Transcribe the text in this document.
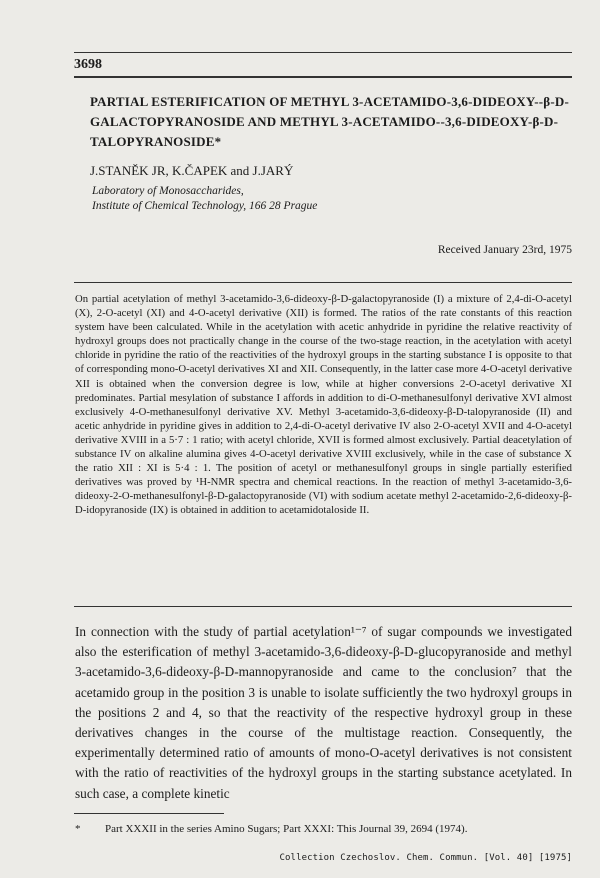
3698
PARTIAL ESTERIFICATION OF METHYL 3-ACETAMIDO-3,6-DIDEOXY--β-D-GALACTOPYRANOSIDE AND METHYL 3-ACETAMIDO--3,6-DIDEOXY-β-D-TALOPYRANOSIDE*
J.STANĚK JR, K.ČAPEK and J.JARÝ
Laboratory of Monosaccharides,
Institute of Chemical Technology, 166 28 Prague
Received January 23rd, 1975
On partial acetylation of methyl 3-acetamido-3,6-dideoxy-β-D-galactopyranoside (I) a mixture of 2,4-di-O-acetyl (X), 2-O-acetyl (XI) and 4-O-acetyl derivative (XII) is formed. The ratios of the rate constants of this reaction system have been calculated. While in the acetylation with acetic anhydride in pyridine the relative reactivity of hydroxyl groups does not practically change in the course of the two-stage reaction, in the acetylation with acetyl chloride in pyridine the ratio of the reactivities of the hydroxyl groups in the starting substance I is opposite to that of corresponding mono-O-acetyl derivatives XI and XII. Consequently, in the latter case more 4-O-acetyl derivative XII is obtained when the conversion degree is low, while at higher conversions 2-O-acetyl derivative XI predominates. Partial mesylation of substance I affords in addition to di-O-methanesulfonyl derivative XVI almost exclusively 4-O-methanesulfonyl derivative XV. Methyl 3-acetamido-3,6-dideoxy-β-D-talopyranoside (II) and acetic anhydride in pyridine gives in addition to 2,4-di-O-acetyl derivative IV also 2-O-acetyl XVII and 4-O-acetyl derivative XVIII in a 5·7 : 1 ratio; with acetyl chloride, XVII is formed almost exclusively. Partial deacetylation of substance IV on alkaline alumina gives 4-O-acetyl derivative XVIII exclusively, while in the case of substance X the ratio XII : XI is 5·4 : 1. The position of acetyl or methanesulfonyl groups in single partially esterified derivatives was proved by ¹H-NMR spectra and chemical reactions. In the reaction of methyl 3-acetamido-3,6-dideoxy-2-O-methanesulfonyl-β-D-galactopyranoside (VI) with sodium acetate methyl 2-acetamido-2,6-dideoxy-β-D-idopyranoside (IX) is obtained in addition to acetamidotaloside II.
In connection with the study of partial acetylation¹⁻⁷ of sugar compounds we investigated also the esterification of methyl 3-acetamido-3,6-dideoxy-β-D-glucopyranoside and methyl 3-acetamido-3,6-dideoxy-β-D-mannopyranoside and came to the conclusion⁷ that the acetamido group in the position 3 is unable to isolate sufficiently the two hydroxyl groups in the positions 2 and 4, so that the reactivity of the respective hydroxyl group in these derivatives changes in the course of the multistage reaction. Consequently, the experimentally determined ratio of amounts of mono-O-acetyl derivatives is not consistent with the ratio of reactivities of the hydroxyl groups in the starting substance acetylated. In such case, a complete kinetic
* Part XXXII in the series Amino Sugars; Part XXXI: This Journal 39, 2694 (1974).
Collection Czechoslov. Chem. Commun. [Vol. 40] [1975]
